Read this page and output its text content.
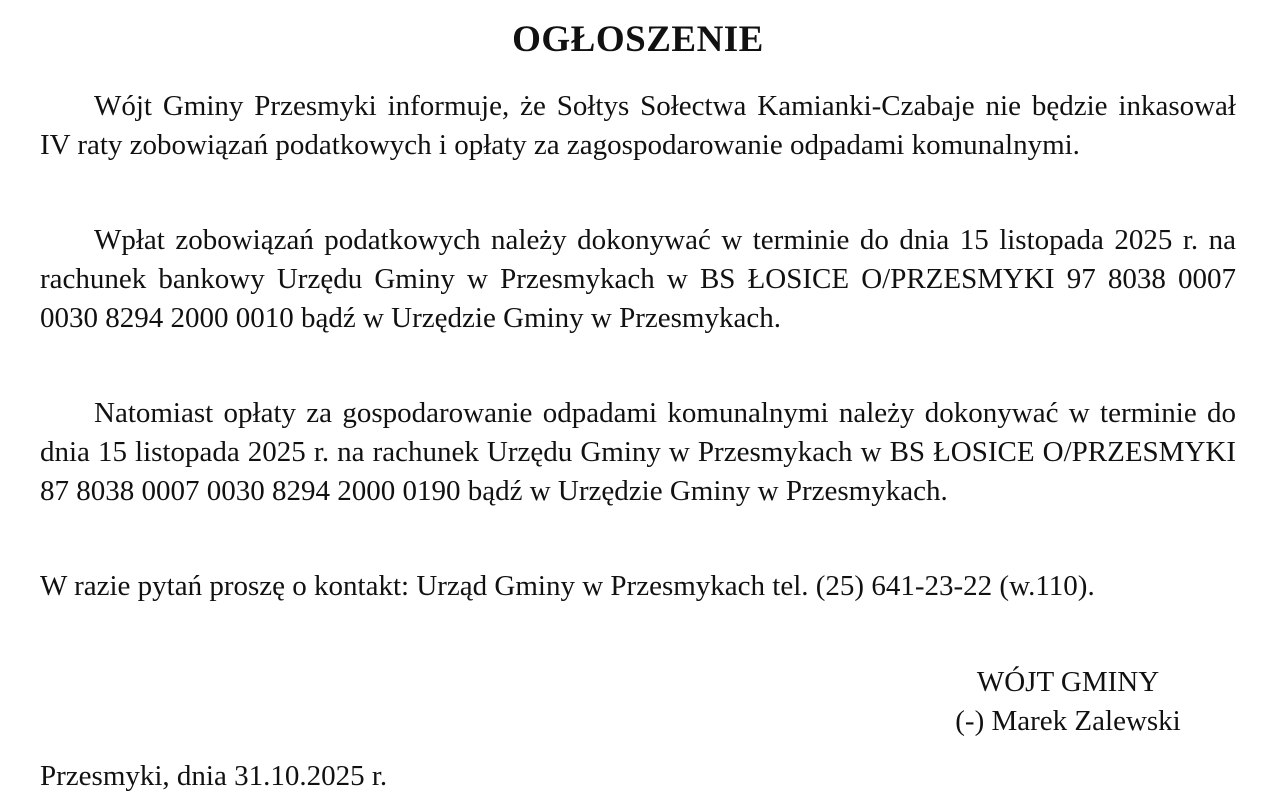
OGŁOSZENIE

Wójt Gminy Przesmyki informuje, że Sołtys Sołectwa Kamianki-Czabaje nie będzie inkasował IV raty zobowiązań podatkowych i opłaty za zagospodarowanie odpadami komunalnymi.

Wpłat zobowiązań podatkowych należy dokonywać w terminie do dnia 15 listopada 2025 r. na rachunek bankowy Urzędu Gminy w Przesmykach w BS ŁOSICE O/PRZESMYKI 97 8038 0007 0030 8294 2000 0010 bądź w Urzędzie Gminy w Przesmykach.

Natomiast opłaty za gospodarowanie odpadami komunalnymi należy dokonywać w terminie do dnia 15 listopada 2025 r. na rachunek Urzędu Gminy w Przesmykach w BS ŁOSICE O/PRZESMYKI 87 8038 0007 0030 8294 2000 0190 bądź w Urzędzie Gminy w Przesmykach.

W razie pytań proszę o kontakt: Urząd Gminy w Przesmykach tel. (25) 641-23-22 (w.110).

WÓJT GMINY
(-) Marek Zalewski

Przesmyki, dnia 31.10.2025 r.
